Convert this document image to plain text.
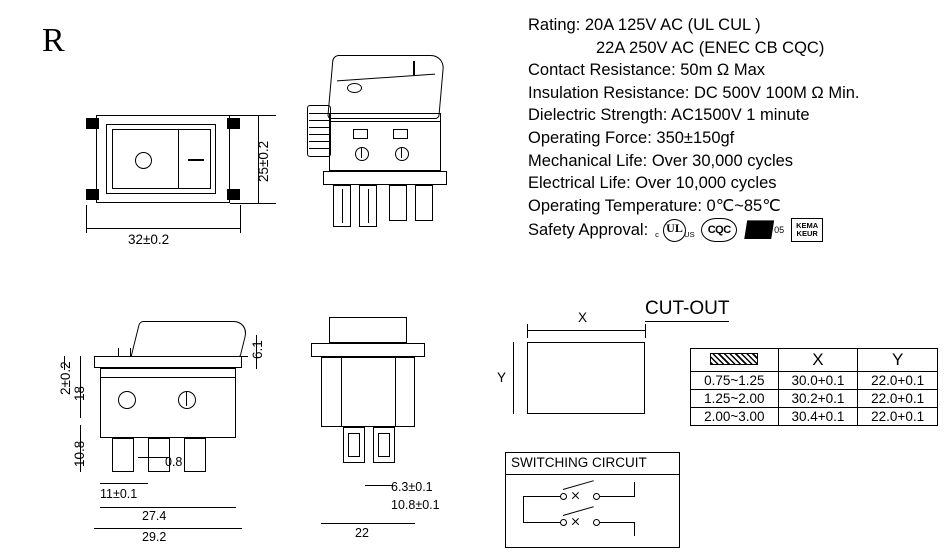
R	Rating: 20A 125V AC (UL CUL )
22A 250V AC (ENEC CB CQC)
Contact Resistance: 50m Ω Max
Insulation Resistance: DC 500V 100M Ω Min.
Dielectric Strength: AC1500V 1 minute
Operating Force: 350±150gf
Mechanical Life: Over 30,000 cycles
Electrical Life: Over 10,000 cycles
Operating Temperature: 0℃~85℃
Safety Approval: UL
c	US	CQC	05 KEMA
KEUR
32±0.2
25±0.2
18
2±0.2
10.8
6.1
0.8
11±0.1
27.4
29.2
6.3±0.1
10.8±0.1
22
CUT-OUT
X
Y
	X	Y
0.75~1.25	30.0+0.1	22.0+0.1
1.25~2.00	30.2+0.1	22.0+0.1
2.00~3.00	30.4+0.1	22.0+0.1
SWITCHING CIRCUIT
